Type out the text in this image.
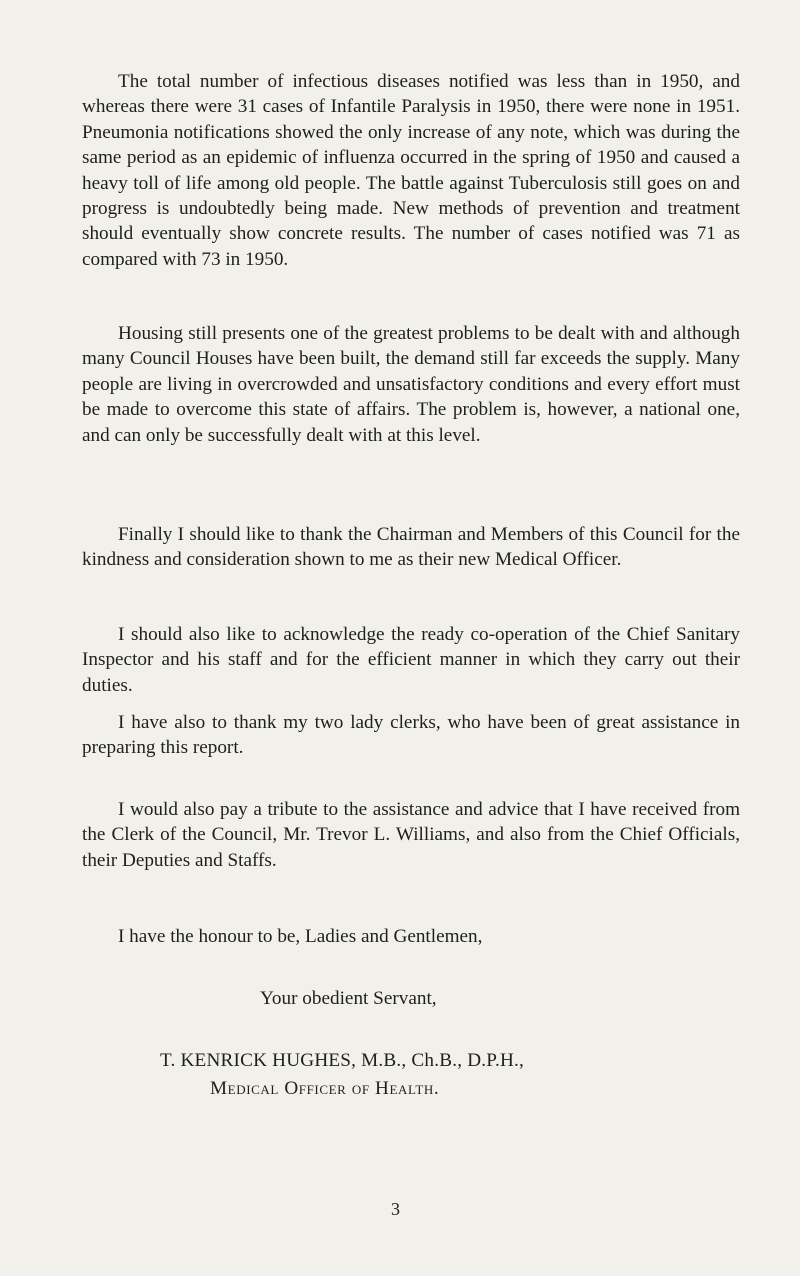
The total number of infectious diseases notified was less than in 1950, and whereas there were 31 cases of Infantile Paralysis in 1950, there were none in 1951. Pneumonia notifications showed the only increase of any note, which was during the same period as an epidemic of influenza occurred in the spring of 1950 and caused a heavy toll of life among old people. The battle against Tuberculosis still goes on and progress is undoubtedly being made. New methods of prevention and treatment should eventually show concrete results. The number of cases notified was 71 as compared with 73 in 1950.

Housing still presents one of the greatest problems to be dealt with and although many Council Houses have been built, the demand still far exceeds the supply. Many people are living in overcrowded and unsatisfactory conditions and every effort must be made to overcome this state of affairs. The problem is, however, a national one, and can only be successfully dealt with at this level.

Finally I should like to thank the Chairman and Members of this Council for the kindness and consideration shown to me as their new Medical Officer.

I should also like to acknowledge the ready co-operation of the Chief Sanitary Inspector and his staff and for the efficient manner in which they carry out their duties.

I have also to thank my two lady clerks, who have been of great assistance in preparing this report.

I would also pay a tribute to the assistance and advice that I have received from the Clerk of the Council, Mr. Trevor L. Williams, and also from the Chief Officials, their Deputies and Staffs.

I have the honour to be, Ladies and Gentlemen,

Your obedient Servant,

T. KENRICK HUGHES, M.B., Ch.B., D.P.H.,

Medical Officer of Health.

3
